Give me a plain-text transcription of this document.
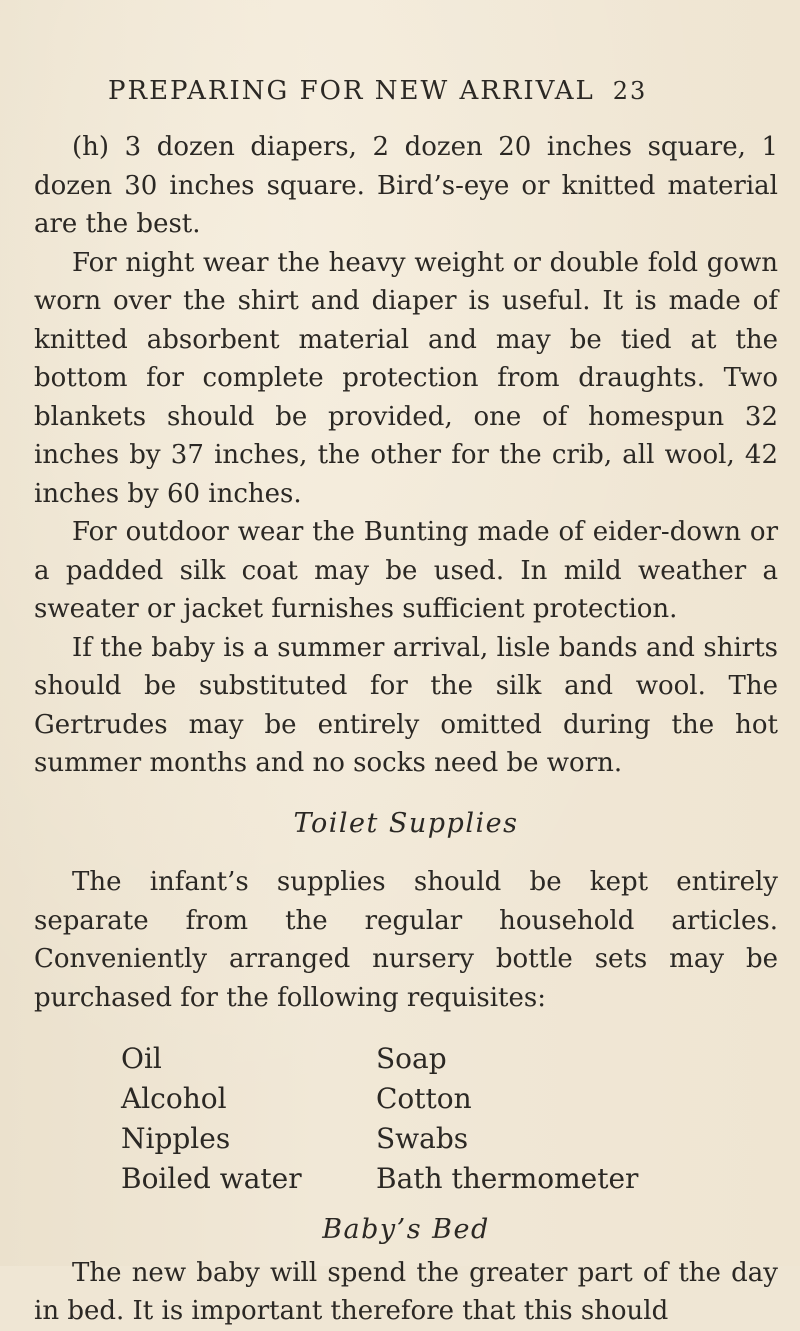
PREPARING FOR NEW ARRIVAL 23

(h) 3 dozen diapers, 2 dozen 20 inches square, 1 dozen 30 inches square. Bird’s-eye or knitted material are the best.

For night wear the heavy weight or double fold gown worn over the shirt and diaper is useful. It is made of knitted absorbent material and may be tied at the bottom for complete protection from draughts. Two blankets should be provided, one of homespun 32 inches by 37 inches, the other for the crib, all wool, 42 inches by 60 inches.

For outdoor wear the Bunting made of eider-down or a padded silk coat may be used. In mild weather a sweater or jacket furnishes sufficient protection.

If the baby is a summer arrival, lisle bands and shirts should be substituted for the silk and wool. The Gertrudes may be entirely omitted during the hot summer months and no socks need be worn.

Toilet Supplies

The infant’s supplies should be kept entirely separate from the regular household articles. Conveniently arranged nursery bottle sets may be purchased for the following requisites:

Oil	Soap
Alcohol	Cotton
Nipples	Swabs
Boiled water	Bath thermometer
Baby’s Bed

The new baby will spend the greater part of the day in bed. It is important therefore that this should
